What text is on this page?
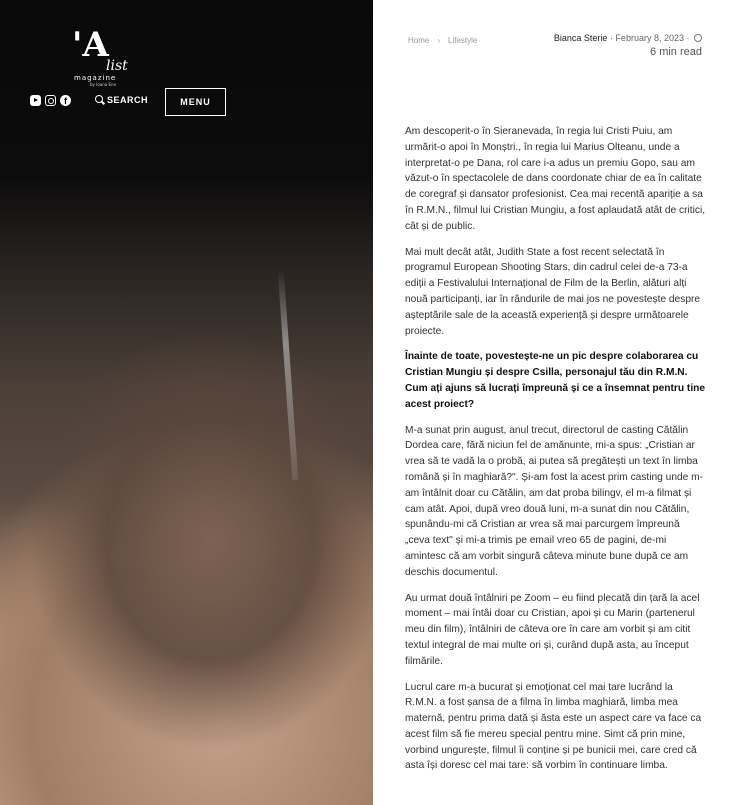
'A
list
magazine
by Ioana Ene
f	SEARCH	MENU
Home › Lifestyle	Bianca Sterie · February 8, 2023 ·
6 min read

Am descoperit-o în Sieranevada, în regia lui Cristi Puiu, am urmărit-o apoi în Monștri., în regia lui Marius Olteanu, unde a interpretat-o pe Dana, rol care i-a adus un premiu Gopo, sau am văzut-o în spectacolele de dans coordonate chiar de ea în calitate de coregraf și dansator profesionist. Cea mai recentă apariție a sa în R.M.N., filmul lui Cristian Mungiu, a fost aplaudată atât de critici, cât și de public.

Mai mult decât atât, Judith State a fost recent selectată în programul European Shooting Stars, din cadrul celei de-a 73-a ediții a Festivalului Internațional de Film de la Berlin, alături alți nouă participanți, iar în rândurile de mai jos ne povestește despre așteptările sale de la această experiență și despre următoarele proiecte.

Înainte de toate, povestește-ne un pic despre colaborarea cu Cristian Mungiu și despre Csilla, personajul tău din R.M.N. Cum ați ajuns să lucrați împreună și ce a însemnat pentru tine acest proiect?

M-a sunat prin august, anul trecut, directorul de casting Cătălin Dordea care, fără niciun fel de amănunte, mi-a spus: „Cristian ar vrea să te vadă la o probă, ai putea să pregătești un text în limba română și în maghiară?". Și-am fost la acest prim casting unde m-am întâlnit doar cu Cătălin, am dat proba bilingv, el m-a filmat și cam atât. Apoi, după vreo două luni, m-a sunat din nou Cătălin, spunându-mi că Cristian ar vrea să mai parcurgem împreună „ceva text" și mi-a trimis pe email vreo 65 de pagini, de-mi amintesc că am vorbit singură câteva minute bune după ce am deschis documentul.

Au urmat două întâlniri pe Zoom – eu fiind plecată din țară la acel moment – mai întâi doar cu Cristian, apoi și cu Marin (partenerul meu din film), întâlniri de câteva ore în care am vorbit și am citit textul integral de mai multe ori și, curând după asta, au început filmările.

Lucrul care m-a bucurat și emoționat cel mai tare lucrând la R.M.N. a fost șansa de a filma în limba maghiară, limba mea maternă, pentru prima dată și ăsta este un aspect care va face ca acest film să fie mereu special pentru mine. Simt că prin mine, vorbind ungurește, filmul îi conține și pe bunicii mei, care cred că asta își doresc cel mai tare: să vorbim în continuare limba.
